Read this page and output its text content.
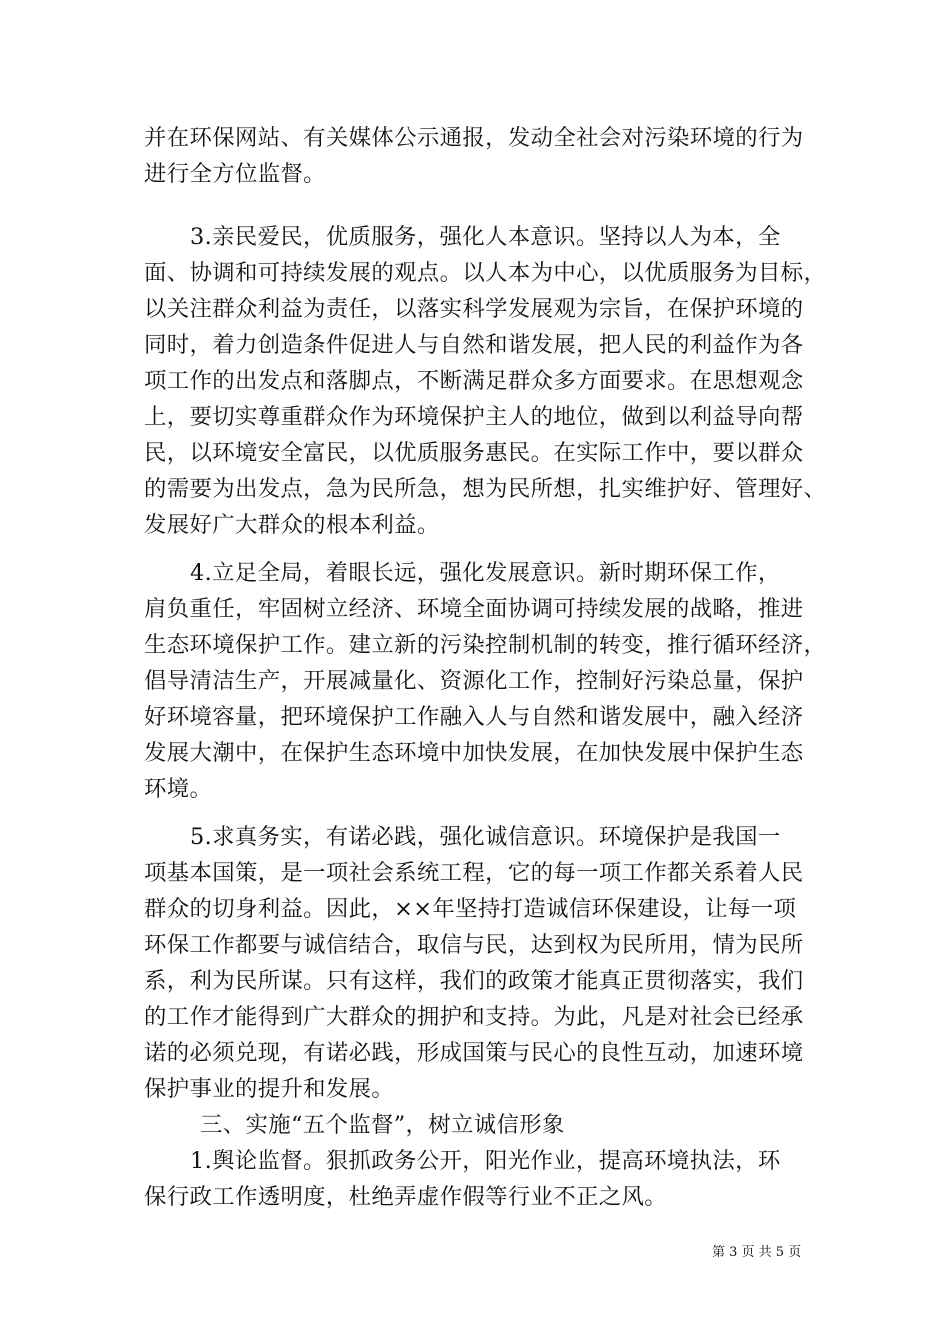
并在环保网站、有关媒体公示通报，发动全社会对污染环境的行为
进行全方位监督。
3.亲民爱民，优质服务，强化人本意识。坚持以人为本，全
面、协调和可持续发展的观点。以人本为中心，以优质服务为目标，
以关注群众利益为责任，以落实科学发展观为宗旨，在保护环境的
同时，着力创造条件促进人与自然和谐发展，把人民的利益作为各
项工作的出发点和落脚点，不断满足群众多方面要求。在思想观念
上，要切实尊重群众作为环境保护主人的地位，做到以利益导向帮
民，以环境安全富民，以优质服务惠民。在实际工作中，要以群众
的需要为出发点，急为民所急，想为民所想，扎实维护好、管理好、
发展好广大群众的根本利益。
4.立足全局，着眼长远，强化发展意识。新时期环保工作，
肩负重任，牢固树立经济、环境全面协调可持续发展的战略，推进
生态环境保护工作。建立新的污染控制机制的转变，推行循环经济，
倡导清洁生产，开展减量化、资源化工作，控制好污染总量，保护
好环境容量，把环境保护工作融入人与自然和谐发展中，融入经济
发展大潮中，在保护生态环境中加快发展，在加快发展中保护生态
环境。
5.求真务实，有诺必践，强化诚信意识。环境保护是我国一
项基本国策，是一项社会系统工程，它的每一项工作都关系着人民
群众的切身利益。因此，××年坚持打造诚信环保建设，让每一项
环保工作都要与诚信结合，取信与民，达到权为民所用，情为民所
系，利为民所谋。只有这样，我们的政策才能真正贯彻落实，我们
的工作才能得到广大群众的拥护和支持。为此，凡是对社会已经承
诺的必须兑现，有诺必践，形成国策与民心的良性互动，加速环境
保护事业的提升和发展。
三、实施“五个监督”，树立诚信形象
1.舆论监督。狠抓政务公开，阳光作业，提高环境执法，环
保行政工作透明度，杜绝弄虚作假等行业不正之风。
第 3 页 共 5 页
